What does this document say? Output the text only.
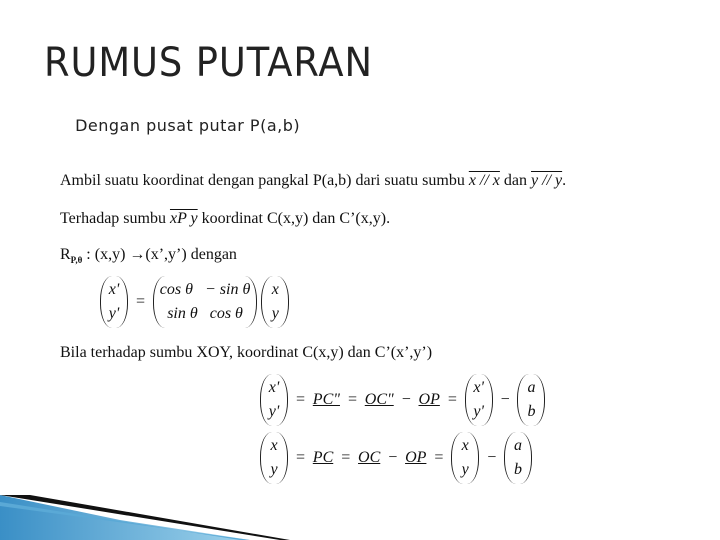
RUMUS PUTARAN
Dengan pusat putar P(a,b)
Ambil suatu koordinat dengan pangkal P(a,b) dari suatu sumbu x // x dan y // y.
Terhadap sumbu xP y koordinat C(x,y) dan C’(x,y).
$R_{P,\theta}$ : (x,y) →(x’,y’) dengan
x'
y'
=
cos θ − sin θ
sin θ cos θ
x
y
Bila terhadap sumbu XOY, koordinat C(x,y) dan C’(x’,y’)
x'
y'
= PC" = OC" − OP =
x'
y'
−
a
b
x
y
= PC = OC − OP =
x
y
−
a
b
